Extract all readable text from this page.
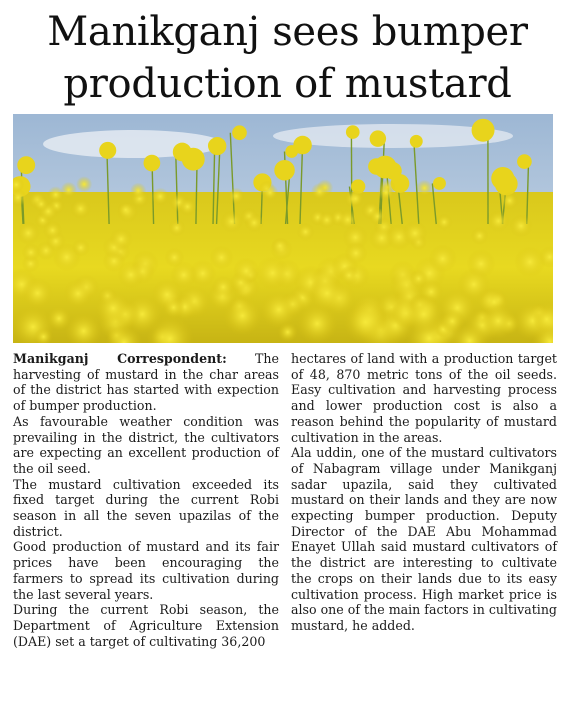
Manikganj sees bumper
production of mustard

Manikganj Correspondent: The harvesting of mustard in the char areas of the district has started with expection of bumper production.

As favourable weather condition was prevailing in the district, the cultivators are expecting an excellent production of the oil seed.

The mustard cultivation exceeded its fixed target during the current Robi season in all the seven upazilas of the district.

Good production of mustard and its fair prices have been encouraging the farmers to spread its cultivation during the last several years.

During the current Robi season, the Department of Agriculture Extension (DAE) set a target of cultivating 36,200

hectares of land with a production target of 48, 870 metric tons of the oil seeds. Easy cultivation and harvesting process and lower production cost is also a reason behind the popularity of mustard cultivation in the areas.

Ala uddin, one of the mustard cultivators of Nabagram village under Manikganj sadar upazila, said they cultivated mustard on their lands and they are now expecting bumper production. Deputy Director of the DAE Abu Mohammad Enayet Ullah said mustard cultivators of the district are interesting to cultivate the crops on their lands due to its easy cultivation process. High market price is also one of the main factors in cultivating mustard, he added.
